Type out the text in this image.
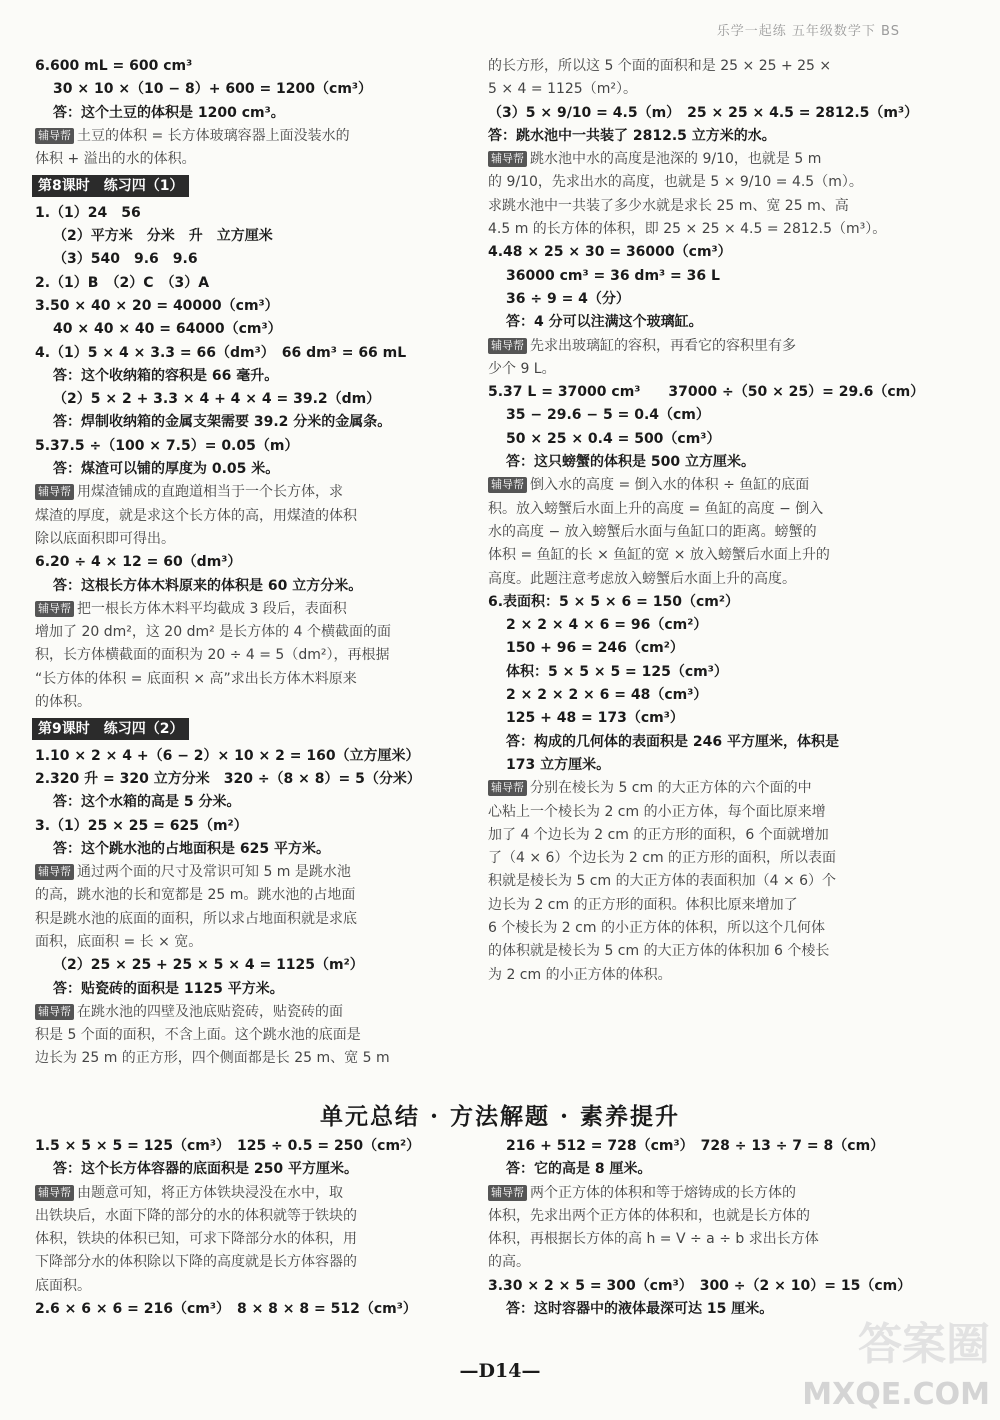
乐学一起练 五年级数学下 BS
6.600 mL = 600 cm³
30 × 10 ×（10 − 8）+ 600 = 1200（cm³）
答：这个土豆的体积是 1200 cm³。
辅导帮 土豆的体积 = 长方体玻璃容器上面没装水的
体积 + 溢出的水的体积。
第8课时　练习四（1）
1.（1）24　56
（2）平方米　分米　升　立方厘米
（3）540　9.6　9.6
2.（1）B　（2）C　（3）A
3.50 × 40 × 20 = 40000（cm³）
40 × 40 × 40 = 64000（cm³）
4.（1）5 × 4 × 3.3 = 66（dm³）　66 dm³ = 66 mL
答：这个收纳箱的容积是 66 毫升。
（2）5 × 2 + 3.3 × 4 + 4 × 4 = 39.2（dm）
答：焊制收纳箱的金属支架需要 39.2 分米的金属条。
5.37.5 ÷（100 × 7.5）= 0.05（m）
答：煤渣可以铺的厚度为 0.05 米。
辅导帮 用煤渣铺成的直跑道相当于一个长方体，求
煤渣的厚度，就是求这个长方体的高，用煤渣的体积
除以底面积即可得出。
6.20 ÷ 4 × 12 = 60（dm³）
答：这根长方体木料原来的体积是 60 立方分米。
辅导帮 把一根长方体木料平均截成 3 段后，表面积
增加了 20 dm²，这 20 dm² 是长方体的 4 个横截面的面
积，长方体横截面的面积为 20 ÷ 4 = 5（dm²），再根据
“长方体的体积 = 底面积 × 高”求出长方体木料原来
的体积。
第9课时　练习四（2）
1.10 × 2 × 4 +（6 − 2）× 10 × 2 = 160（立方厘米）
2.320 升 = 320 立方分米　320 ÷（8 × 8）= 5（分米）
答：这个水箱的高是 5 分米。
3.（1）25 × 25 = 625（m²）
答：这个跳水池的占地面积是 625 平方米。
辅导帮 通过两个面的尺寸及常识可知 5 m 是跳水池
的高，跳水池的长和宽都是 25 m。跳水池的占地面
积是跳水池的底面的面积，所以求占地面积就是求底
面积，底面积 = 长 × 宽。
（2）25 × 25 + 25 × 5 × 4 = 1125（m²）
答：贴瓷砖的面积是 1125 平方米。
辅导帮 在跳水池的四壁及池底贴瓷砖，贴瓷砖的面
积是 5 个面的面积，不含上面。这个跳水池的底面是
边长为 25 m 的正方形，四个侧面都是长 25 m、宽 5 m
的长方形，所以这 5 个面的面积和是 25 × 25 + 25 ×
5 × 4 = 1125（m²）。
（3）5 × 9/10 = 4.5（m）　25 × 25 × 4.5 = 2812.5（m³）
答：跳水池中一共装了 2812.5 立方米的水。
辅导帮 跳水池中水的高度是池深的 9/10，也就是 5 m
的 9/10，先求出水的高度，也就是 5 × 9/10 = 4.5（m）。
求跳水池中一共装了多少水就是求长 25 m、宽 25 m、高
4.5 m 的长方体的体积，即 25 × 25 × 4.5 = 2812.5（m³）。
4.48 × 25 × 30 = 36000（cm³）
36000 cm³ = 36 dm³ = 36 L
36 ÷ 9 = 4（分）
答：4 分可以注满这个玻璃缸。
辅导帮 先求出玻璃缸的容积，再看它的容积里有多
少个 9 L。
5.37 L = 37000 cm³　　37000 ÷（50 × 25）= 29.6（cm）
35 − 29.6 − 5 = 0.4（cm）
50 × 25 × 0.4 = 500（cm³）
答：这只螃蟹的体积是 500 立方厘米。
辅导帮 倒入水的高度 = 倒入水的体积 ÷ 鱼缸的底面
积。放入螃蟹后水面上升的高度 = 鱼缸的高度 − 倒入
水的高度 − 放入螃蟹后水面与鱼缸口的距离。螃蟹的
体积 = 鱼缸的长 × 鱼缸的宽 × 放入螃蟹后水面上升的
高度。此题注意考虑放入螃蟹后水面上升的高度。
6.表面积：5 × 5 × 6 = 150（cm²）
2 × 2 × 4 × 6 = 96（cm²）
150 + 96 = 246（cm²）
体积：5 × 5 × 5 = 125（cm³）
2 × 2 × 2 × 6 = 48（cm³）
125 + 48 = 173（cm³）
答：构成的几何体的表面积是 246 平方厘米，体积是
173 立方厘米。
辅导帮 分别在棱长为 5 cm 的大正方体的六个面的中
心粘上一个棱长为 2 cm 的小正方体，每个面比原来增
加了 4 个边长为 2 cm 的正方形的面积，6 个面就增加
了（4 × 6）个边长为 2 cm 的正方形的面积，所以表面
积就是棱长为 5 cm 的大正方体的表面积加（4 × 6）个
边长为 2 cm 的正方形的面积。体积比原来增加了
6 个棱长为 2 cm 的小正方体的体积，所以这个几何体
的体积就是棱长为 5 cm 的大正方体的体积加 6 个棱长
为 2 cm 的小正方体的体积。
单元总结 · 方法解题 · 素养提升
1.5 × 5 × 5 = 125（cm³）　125 ÷ 0.5 = 250（cm²）
答：这个长方体容器的底面积是 250 平方厘米。
辅导帮 由题意可知，将正方体铁块浸没在水中，取
出铁块后，水面下降的部分的水的体积就等于铁块的
体积，铁块的体积已知，可求下降部分水的体积，用
下降部分水的体积除以下降的高度就是长方体容器的
底面积。
2.6 × 6 × 6 = 216（cm³）　8 × 8 × 8 = 512（cm³）
216 + 512 = 728（cm³）　728 ÷ 13 ÷ 7 = 8（cm）
答：它的高是 8 厘米。
辅导帮 两个正方体的体积和等于熔铸成的长方体的
体积，先求出两个正方体的体积和，也就是长方体的
体积，再根据长方体的高 h = V ÷ a ÷ b 求出长方体
的高。
3.30 × 2 × 5 = 300（cm³）　300 ÷（2 × 10）= 15（cm）
答：这时容器中的液体最深可达 15 厘米。
—D14—
答案圈
MXQE.COM
